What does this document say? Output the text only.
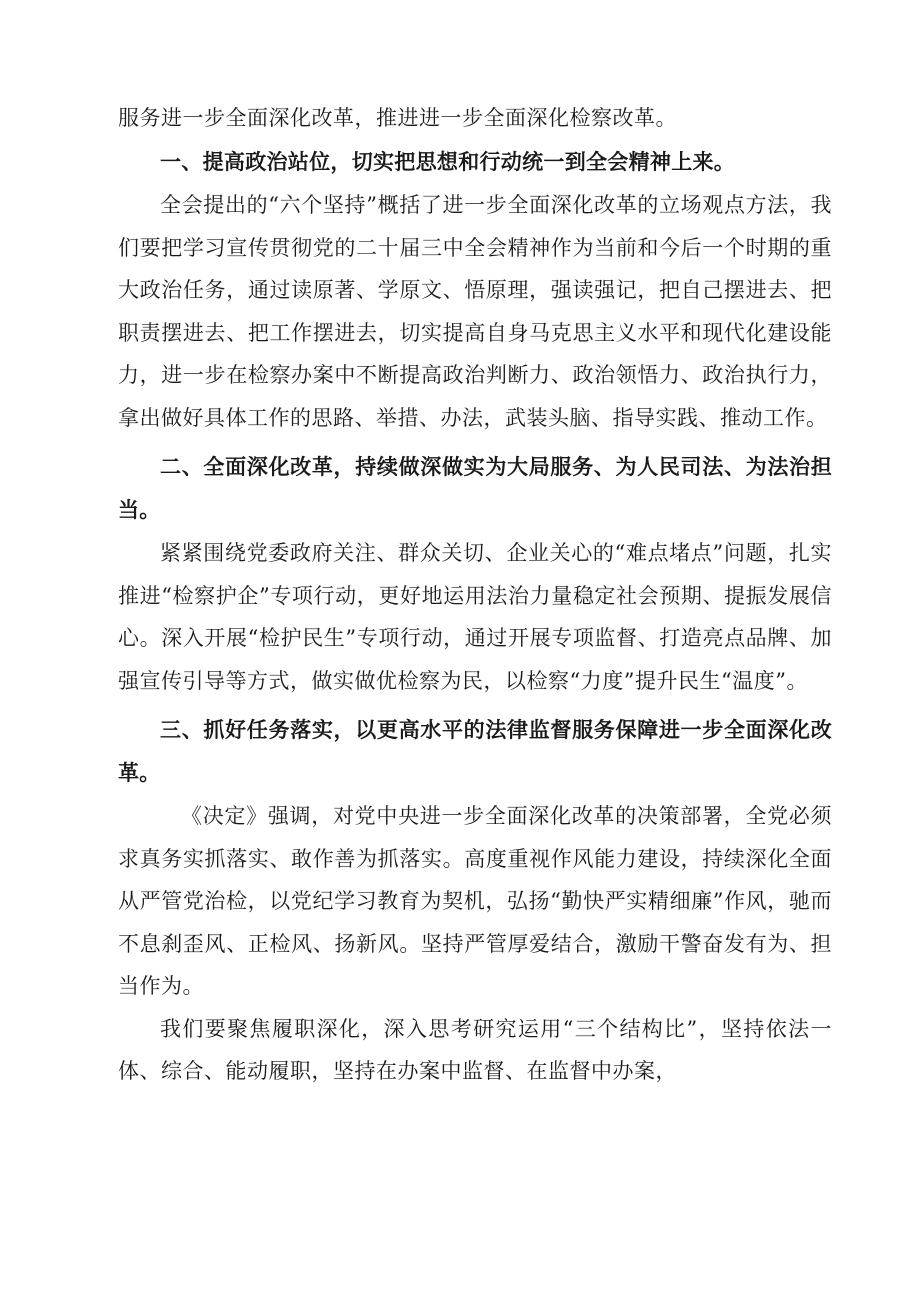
服务进一步全面深化改革，推进进一步全面深化检察改革。

一、提高政治站位，切实把思想和行动统一到全会精神上来。

全会提出的“六个坚持”概括了进一步全面深化改革的立场观点方法，我们要把学习宣传贯彻党的二十届三中全会精神作为当前和今后一个时期的重大政治任务，通过读原著、学原文、悟原理，强读强记，把自己摆进去、把职责摆进去、把工作摆进去，切实提高自身马克思主义水平和现代化建设能力，进一步在检察办案中不断提高政治判断力、政治领悟力、政治执行力，拿出做好具体工作的思路、举措、办法，武装头脑、指导实践、推动工作。

二、全面深化改革，持续做深做实为大局服务、为人民司法、为法治担当。

紧紧围绕党委政府关注、群众关切、企业关心的“难点堵点”问题，扎实推进“检察护企”专项行动，更好地运用法治力量稳定社会预期、提振发展信心。深入开展“检护民生”专项行动，通过开展专项监督、打造亮点品牌、加强宣传引导等方式，做实做优检察为民，以检察“力度”提升民生“温度”。

三、抓好任务落实，以更高水平的法律监督服务保障进一步全面深化改革。

《决定》强调，对党中央进一步全面深化改革的决策部署，全党必须求真务实抓落实、敢作善为抓落实。高度重视作风能力建设，持续深化全面从严管党治检，以党纪学习教育为契机，弘扬“勤快严实精细廉”作风，驰而不息刹歪风、正检风、扬新风。坚持严管厚爱结合，激励干警奋发有为、担当作为。

我们要聚焦履职深化，深入思考研究运用“三个结构比”，坚持依法一体、综合、能动履职，坚持在办案中监督、在监督中办案，
